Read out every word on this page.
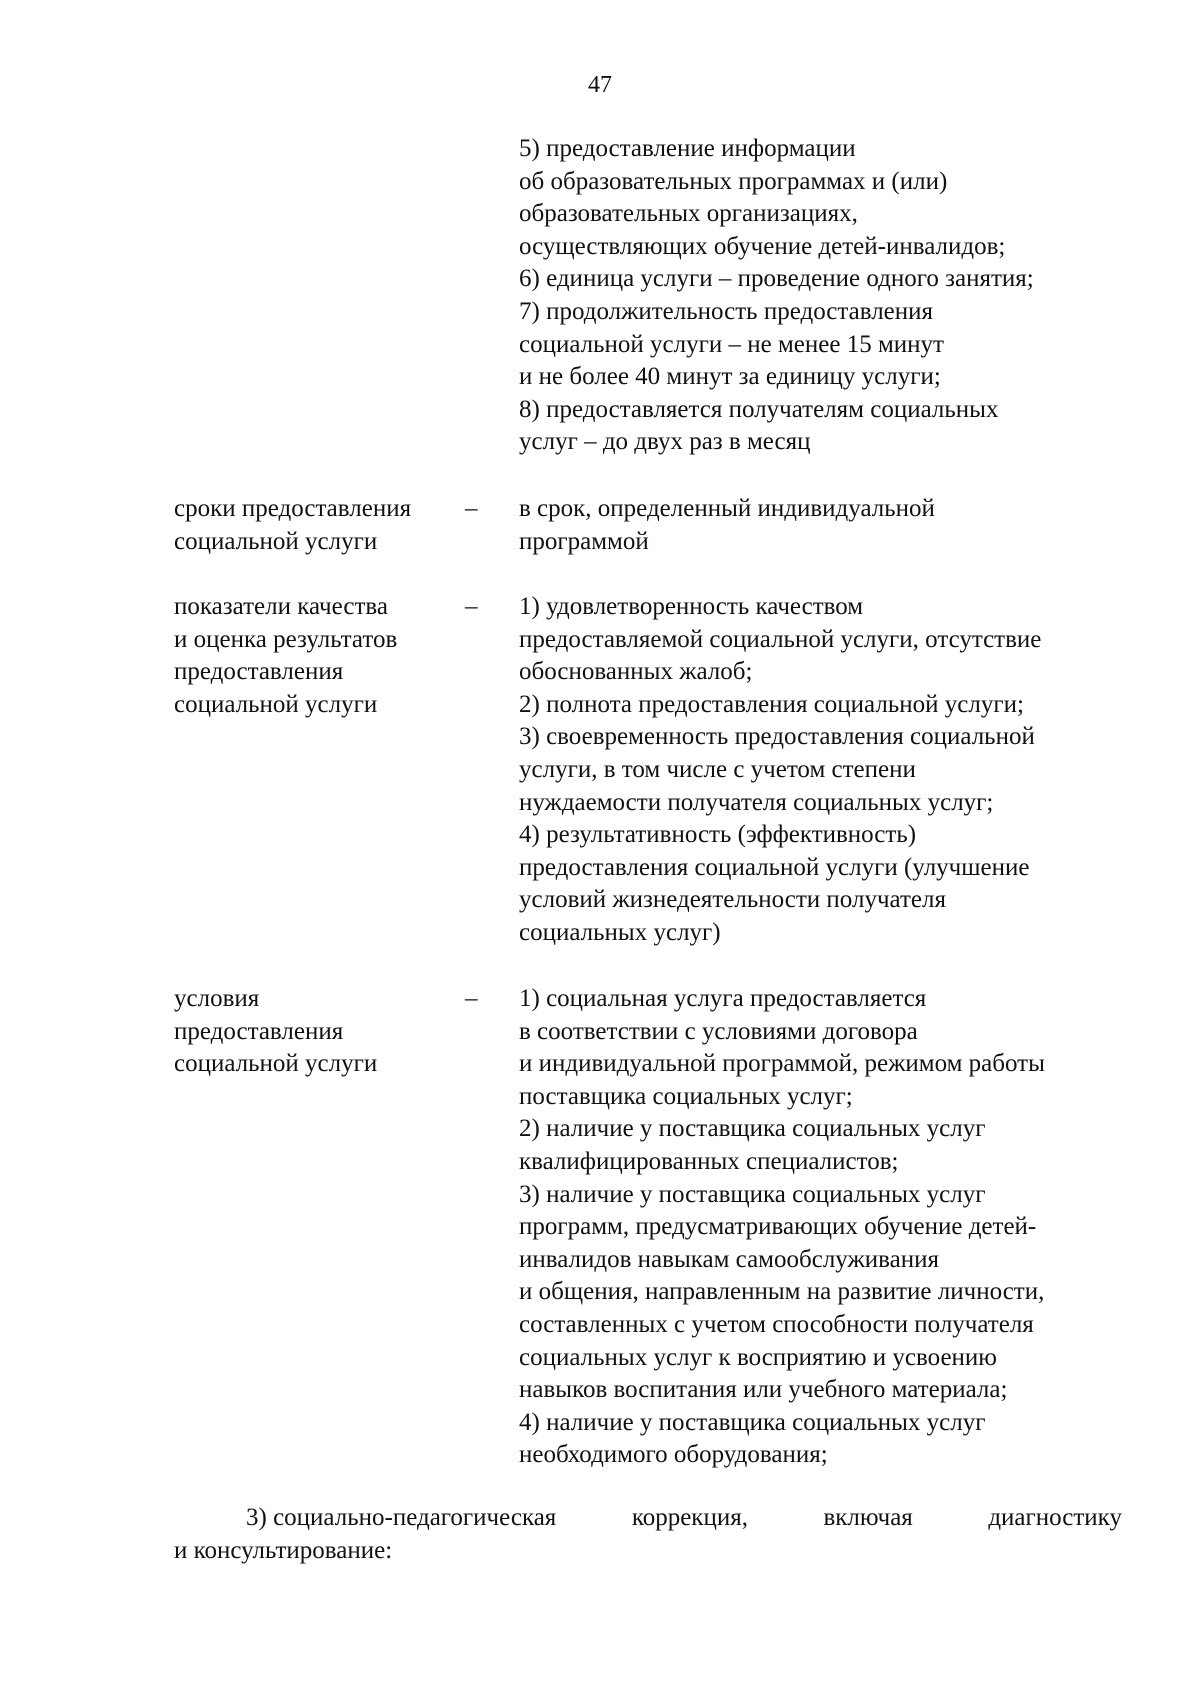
47
5) предоставление информации
об образовательных программах и (или)
образовательных организациях,
осуществляющих обучение детей-инвалидов;
6) единица услуги – проведение одного занятия;
7) продолжительность предоставления
социальной услуги – не менее 15 минут
и не более 40 минут за единицу услуги;
8) предоставляется получателям социальных
услуг – до двух раз в месяц
сроки предоставления
социальной услуги
– в срок, определенный индивидуальной
программой
показатели качества
и оценка результатов
предоставления
социальной услуги
– 1) удовлетворенность качеством
предоставляемой социальной услуги, отсутствие
обоснованных жалоб;
2) полнота предоставления социальной услуги;
3) своевременность предоставления социальной
услуги, в том числе с учетом степени
нуждаемости получателя социальных услуг;
4) результативность (эффективность)
предоставления социальной услуги (улучшение
условий жизнедеятельности получателя
социальных услуг)
условия
предоставления
социальной услуги
– 1) социальная услуга предоставляется
в соответствии с условиями договора
и индивидуальной программой, режимом работы
поставщика социальных услуг;
2) наличие у поставщика социальных услуг
квалифицированных специалистов;
3) наличие у поставщика социальных услуг
программ, предусматривающих обучение детей-
инвалидов навыкам самообслуживания
и общения, направленным на развитие личности,
составленных с учетом способности получателя
социальных услуг к восприятию и усвоению
навыков воспитания или учебного материала;
4) наличие у поставщика социальных услуг
необходимого оборудования;
3) социально-педагогическая	коррекция,	включая	диагностику
и консультирование:
